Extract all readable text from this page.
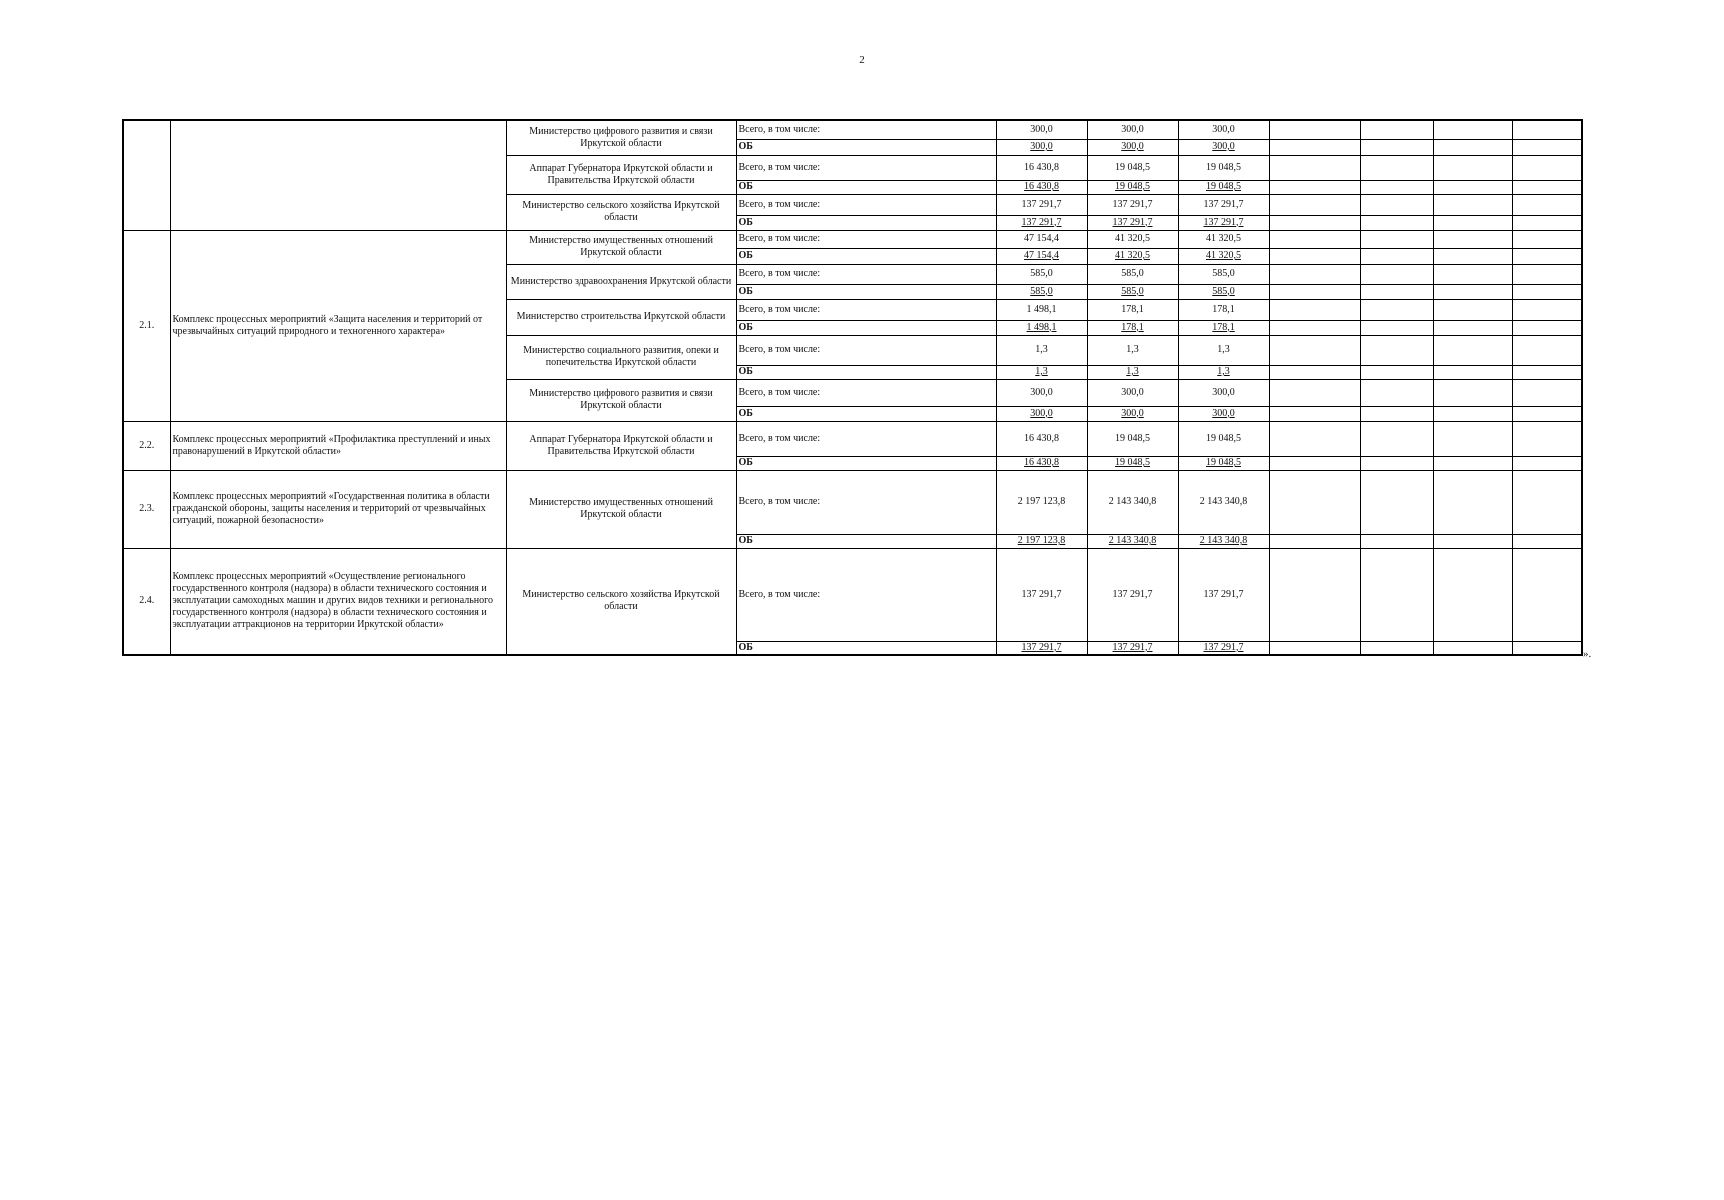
2
		Министерство цифрового развития и связи Иркутской области	Всего, в том числе:	300,0	300,0	300,0				
			ОБ	300,0	300,0	300,0				
		Аппарат Губернатора Иркутской области и Правительства Иркутской области	Всего, в том числе:	16 430,8	19 048,5	19 048,5				
			ОБ	16 430,8	19 048,5	19 048,5				
		Министерство сельского хозяйства Иркутской области	Всего, в том числе:	137 291,7	137 291,7	137 291,7				
			ОБ	137 291,7	137 291,7	137 291,7				
2.1.	Комплекс процессных мероприятий «Защита населения и территорий от чрезвычайных ситуаций природного и техногенного характера»	Министерство имущественных отношений Иркутской области	Всего, в том числе:	47 154,4	41 320,5	41 320,5				
			ОБ	47 154,4	41 320,5	41 320,5				
		Министерство здравоохранения Иркутской области	Всего, в том числе:	585,0	585,0	585,0				
			ОБ	585,0	585,0	585,0				
		Министерство строительства Иркутской области	Всего, в том числе:	1 498,1	178,1	178,1				
			ОБ	1 498,1	178,1	178,1				
		Министерство социального развития, опеки и попечительства Иркутской области	Всего, в том числе:	1,3	1,3	1,3				
			ОБ	1,3	1,3	1,3				
		Министерство цифрового развития и связи Иркутской области	Всего, в том числе:	300,0	300,0	300,0				
			ОБ	300,0	300,0	300,0				
2.2.	Комплекс процессных мероприятий «Профилактика преступлений и иных правонарушений в Иркутской области»	Аппарат Губернатора Иркутской области и Правительства Иркутской области	Всего, в том числе:	16 430,8	19 048,5	19 048,5				
			ОБ	16 430,8	19 048,5	19 048,5				
2.3.	Комплекс процессных мероприятий «Государственная политика в области гражданской обороны, защиты населения и территорий от чрезвычайных ситуаций, пожарной безопасности»	Министерство имущественных отношений Иркутской области	Всего, в том числе:	2 197 123,8	2 143 340,8	2 143 340,8				
			ОБ	2 197 123,8	2 143 340,8	2 143 340,8				
2.4.	Комплекс процессных мероприятий «Осуществление регионального государственного контроля (надзора) в области технического состояния и эксплуатации самоходных машин и других видов техники и регионального государственного контроля (надзора) в области технического состояния и эксплуатации аттракционов на территории Иркутской области»	Министерство сельского хозяйства Иркутской области	Всего, в том числе:	137 291,7	137 291,7	137 291,7				
			ОБ	137 291,7	137 291,7	137 291,7				
».
